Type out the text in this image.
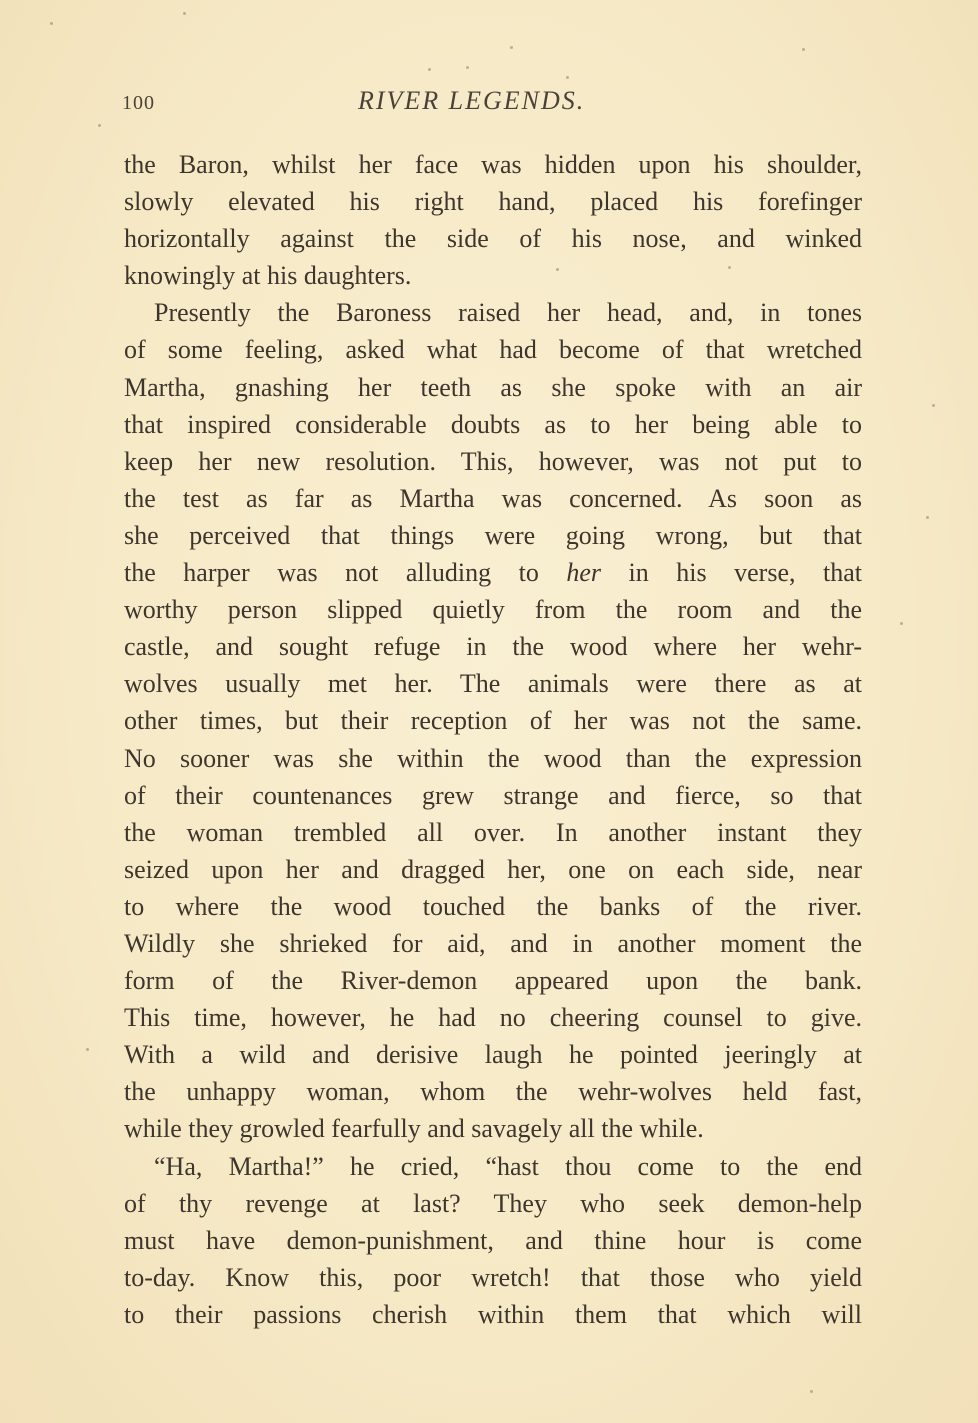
100	RIVER LEGENDS.
the Baron, whilst her face was hidden upon his shoulder,
slowly elevated his right hand, placed his forefinger
horizontally against the side of his nose, and winked
knowingly at his daughters.
Presently the Baroness raised her head, and, in tones
of some feeling, asked what had become of that wretched
Martha, gnashing her teeth as she spoke with an air
that inspired considerable doubts as to her being able to
keep her new resolution. This, however, was not put to
the test as far as Martha was concerned. As soon as
she perceived that things were going wrong, but that
the harper was not alluding to her in his verse, that
worthy person slipped quietly from the room and the
castle, and sought refuge in the wood where her wehr-
wolves usually met her. The animals were there as at
other times, but their reception of her was not the same.
No sooner was she within the wood than the expression
of their countenances grew strange and fierce, so that
the woman trembled all over. In another instant they
seized upon her and dragged her, one on each side, near
to where the wood touched the banks of the river.
Wildly she shrieked for aid, and in another moment the
form of the River-demon appeared upon the bank.
This time, however, he had no cheering counsel to give.
With a wild and derisive laugh he pointed jeeringly at
the unhappy woman, whom the wehr-wolves held fast,
while they growled fearfully and savagely all the while.
“Ha, Martha!” he cried, “hast thou come to the end
of thy revenge at last? They who seek demon-help
must have demon-punishment, and thine hour is come
to-day. Know this, poor wretch! that those who yield
to their passions cherish within them that which will
